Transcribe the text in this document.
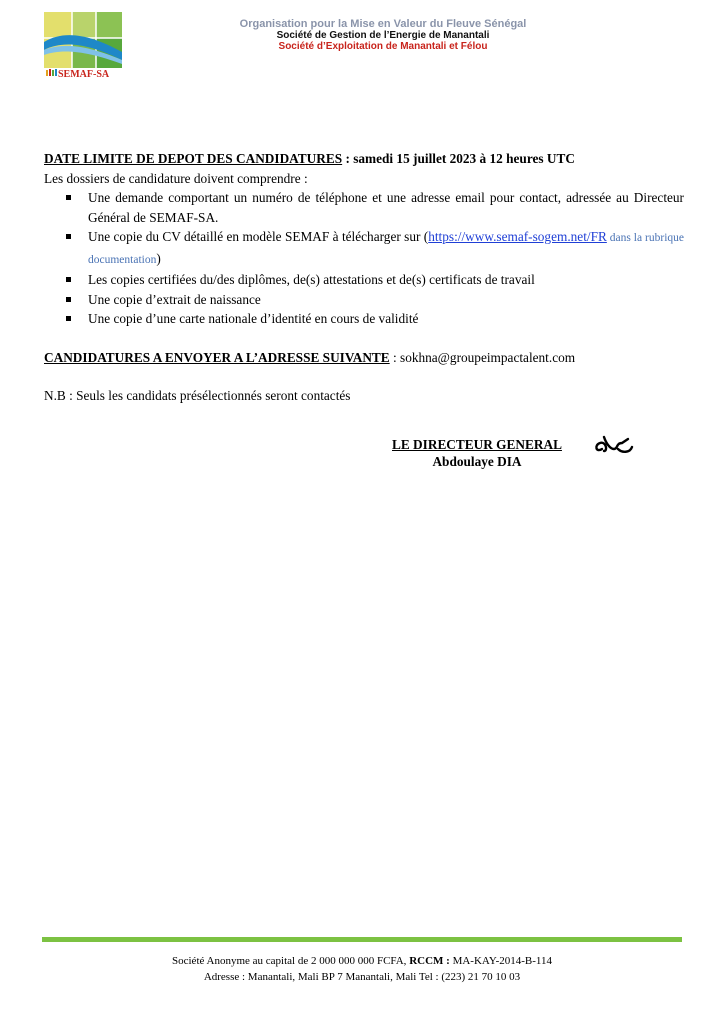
SEMAF-SA
Organisation pour la Mise en Valeur du Fleuve Sénégal
Société de Gestion de l’Energie de Manantali
Société d’Exploitation de Manantali et Félou
DATE LIMITE DE DEPOT DES CANDIDATURES : samedi 15 juillet 2023 à 12 heures UTC
Les dossiers de candidature doivent comprendre :
Une demande comportant un numéro de téléphone et une adresse email pour contact, adressée au Directeur Général de SEMAF-SA.
Une copie du CV détaillé en modèle SEMAF à télécharger sur (https://www.semaf-sogem.net/FR dans la rubrique documentation)
Les copies certifiées du/des diplômes, de(s) attestations et de(s) certificats de travail
Une copie d’extrait de naissance
Une copie d’une carte nationale d’identité en cours de validité
CANDIDATURES A ENVOYER A L’ADRESSE SUIVANTE : sokhna@groupeimpactalent.com
N.B : Seuls les candidats présélectionnés seront contactés
LE DIRECTEUR GENERAL
Abdoulaye DIA
Société Anonyme au capital de 2 000 000 000 FCFA, RCCM : MA-KAY-2014-B-114
Adresse : Manantali, Mali BP 7 Manantali, Mali Tel : (223) 21 70 10 03
